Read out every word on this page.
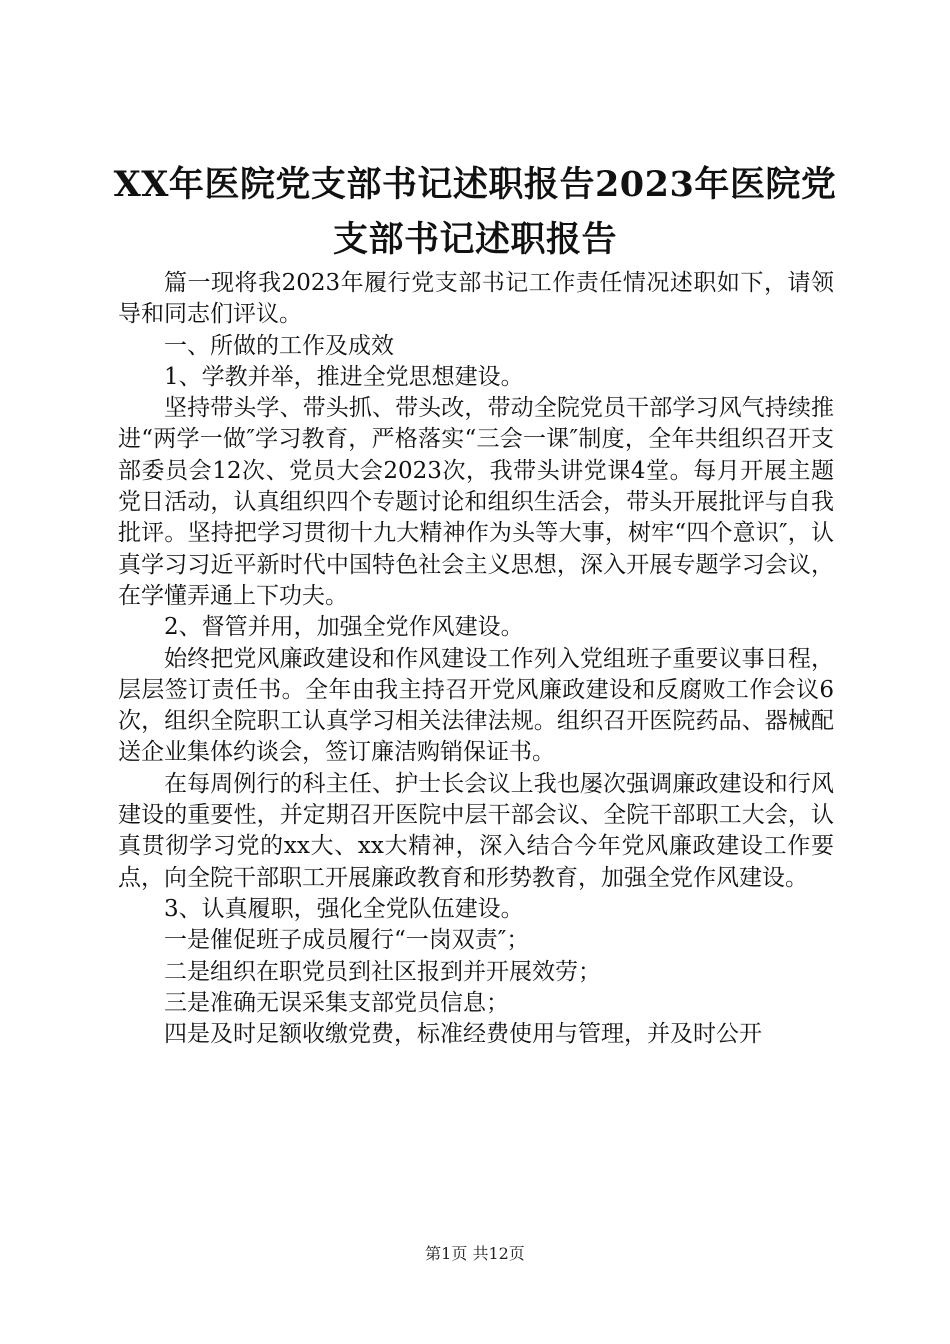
XX年医院党支部书记述职报告2023年医院党
支部书记述职报告

篇一现将我2023年履行党支部书记工作责任情况述职如下，请领导和同志们评议。

一、所做的工作及成效

1、学教并举，推进全党思想建设。

坚持带头学、带头抓、带头改，带动全院党员干部学习风气持续推进“两学一做″学习教育，严格落实“三会一课″制度，全年共组织召开支部委员会12次、党员大会2023次，我带头讲党课4堂。每月开展主题党日活动，认真组织四个专题讨论和组织生活会，带头开展批评与自我批评。坚持把学习贯彻十九大精神作为头等大事，树牢“四个意识″，认真学习习近平新时代中国特色社会主义思想，深入开展专题学习会议，在学懂弄通上下功夫。

2、督管并用，加强全党作风建设。

始终把党风廉政建设和作风建设工作列入党组班子重要议事日程，层层签订责任书。全年由我主持召开党风廉政建设和反腐败工作会议6次，组织全院职工认真学习相关法律法规。组织召开医院药品、器械配送企业集体约谈会，签订廉洁购销保证书。

在每周例行的科主任、护士长会议上我也屡次强调廉政建设和行风建设的重要性，并定期召开医院中层干部会议、全院干部职工大会，认真贯彻学习党的xx大、xx大精神，深入结合今年党风廉政建设工作要点，向全院干部职工开展廉政教育和形势教育，加强全党作风建设。

3、认真履职，强化全党队伍建设。

一是催促班子成员履行“一岗双责″；

二是组织在职党员到社区报到并开展效劳；

三是准确无误采集支部党员信息；

四是及时足额收缴党费，标准经费使用与管理，并及时公开

第1页 共12页
